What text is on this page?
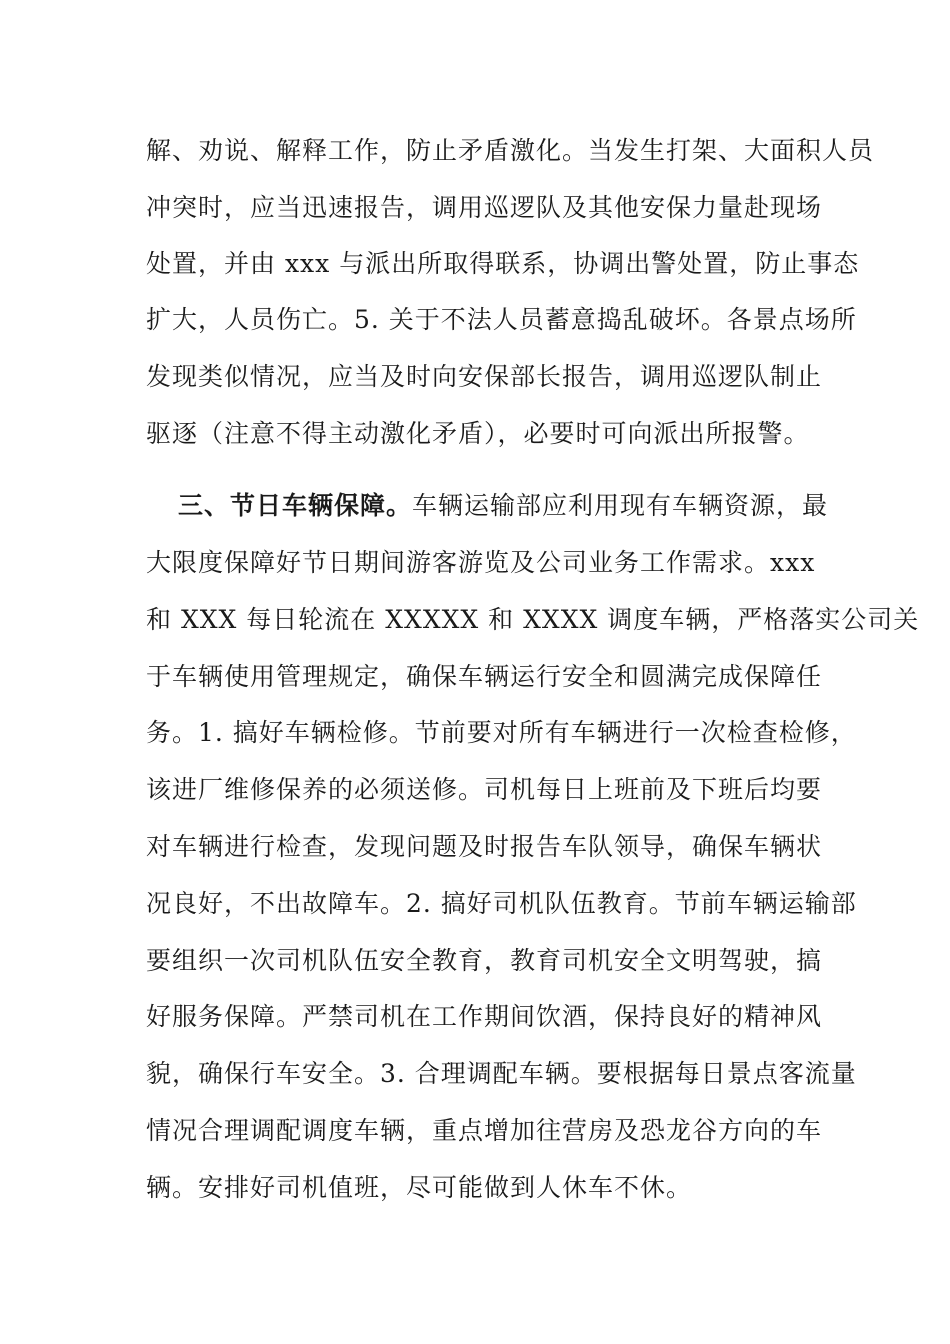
解、劝说、解释工作，防止矛盾激化。当发生打架、大面积人员
冲突时，应当迅速报告，调用巡逻队及其他安保力量赴现场
处置，并由 xxx 与派出所取得联系，协调出警处置，防止事态
扩大，人员伤亡。5. 关于不法人员蓄意捣乱破坏。各景点场所
发现类似情况，应当及时向安保部长报告，调用巡逻队制止
驱逐（注意不得主动激化矛盾），必要时可向派出所报警。
三、节日车辆保障。 车辆运输部应利用现有车辆资源，最
大限度保障好节日期间游客游览及公司业务工作需求。xxx
和 XXX 每日轮流在 XXXXX 和 XXXX 调度车辆，严格落实公司关
于车辆使用管理规定，确保车辆运行安全和圆满完成保障任
务。1. 搞好车辆检修。节前要对所有车辆进行一次检查检修，
该进厂维修保养的必须送修。司机每日上班前及下班后均要
对车辆进行检查，发现问题及时报告车队领导，确保车辆状
况良好，不出故障车。2. 搞好司机队伍教育。节前车辆运输部
要组织一次司机队伍安全教育，教育司机安全文明驾驶，搞
好服务保障。严禁司机在工作期间饮酒，保持良好的精神风
貌，确保行车安全。3. 合理调配车辆。要根据每日景点客流量
情况合理调配调度车辆，重点增加往营房及恐龙谷方向的车
辆。安排好司机值班，尽可能做到人休车不休。
